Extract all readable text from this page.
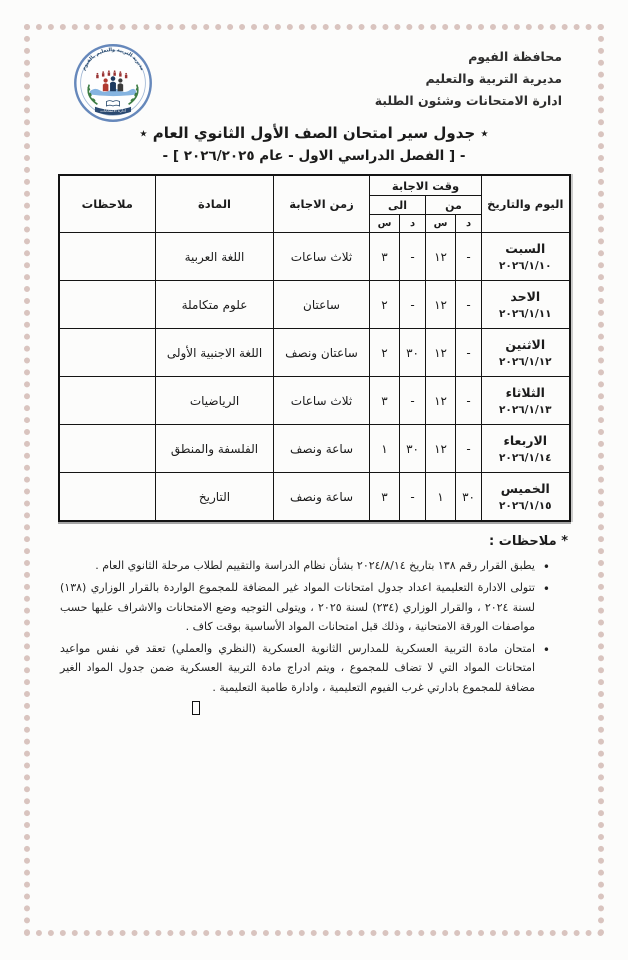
مديرية التربية والتعليم بالفيوم
ادارة الامتحانات
محافظة الفيوم
مديرية التربية والتعليم
ادارة الامتحانات وشئون الطلبة
٭ جدول سير امتحان الصف الأول الثانوي العام ٭
- [ الفصل الدراسي الاول - عام ٢٠٢٦/٢٠٢٥ ] -
اليوم والتاريخ	وقت الاجابة				زمن الاجابة	المادة	ملاحظات
	من		الى				
	د	س	د	س			

السبت
٢٠٢٦/١/١٠	-	١٢	-	٣	ثلاث ساعات	اللغة العربية	

الاحد
٢٠٢٦/١/١١	-	١٢	-	٢	ساعتان	علوم متكاملة	

الاثنين
٢٠٢٦/١/١٢	-	١٢	٣٠	٢	ساعتان ونصف	اللغة الاجنبية الأولى	

الثلاثاء
٢٠٢٦/١/١٣	-	١٢	-	٣	ثلاث ساعات	الرياضيات	

الاربعاء
٢٠٢٦/١/١٤	-	١٢	٣٠	١	ساعة ونصف	الفلسفة والمنطق	

الخميس
٢٠٢٦/١/١٥	٣٠	١	-	٣	ساعة ونصف	التاريخ	
* ملاحظات :
•
يطبق القرار رقم ١٣٨ بتاريخ ٢٠٢٤/٨/١٤ بشأن نظام الدراسة والتقييم لطلاب مرحلة الثانوي العام .
•
تتولى الادارة التعليمية اعداد جدول امتحانات المواد غير المضافة للمجموع الواردة بالقرار الوزاري (١٣٨) لسنة ٢٠٢٤ ، والقرار الوزاري (٢٣٤) لسنة ٢٠٢٥ ، ويتولى التوجيه وضع الامتحانات والاشراف عليها حسب مواصفات الورقة الامتحانية ، وذلك قبل امتحانات المواد الأساسية بوقت كاف .
•
امتحان مادة التربية العسكرية للمدارس الثانوية العسكرية (النظري والعملي) تعقد في نفس مواعيد امتحانات المواد التي لا تضاف للمجموع ، ويتم ادراج مادة التربية العسكرية ضمن جدول المواد الغير مضافة للمجموع بادارتي غرب الفيوم التعليمية ، وادارة طامية التعليمية .
